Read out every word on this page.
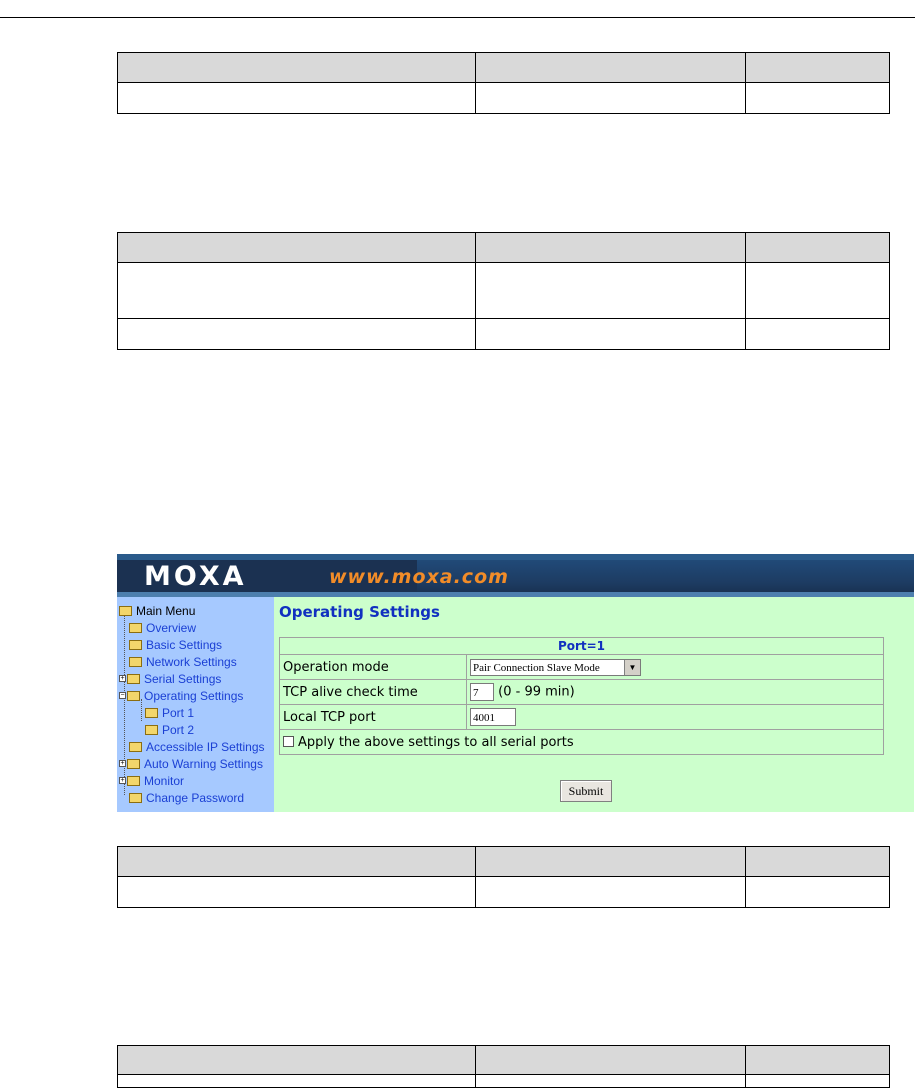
MOXA	www.moxa.com
Main Menu
Overview
Basic Settings
Network Settings
+ Serial Settings
− Operating Settings
Port 1
Port 2
Accessible IP Settings
+ Auto Warning Settings
+ Monitor
Change Password
Operating Settings
Port=1	
Operation mode	Pair Connection Slave Mode ▼

TCP alive check time	7 (0 - 99 min)
Local TCP port	4001
Apply the above settings to all serial ports	
Submit
